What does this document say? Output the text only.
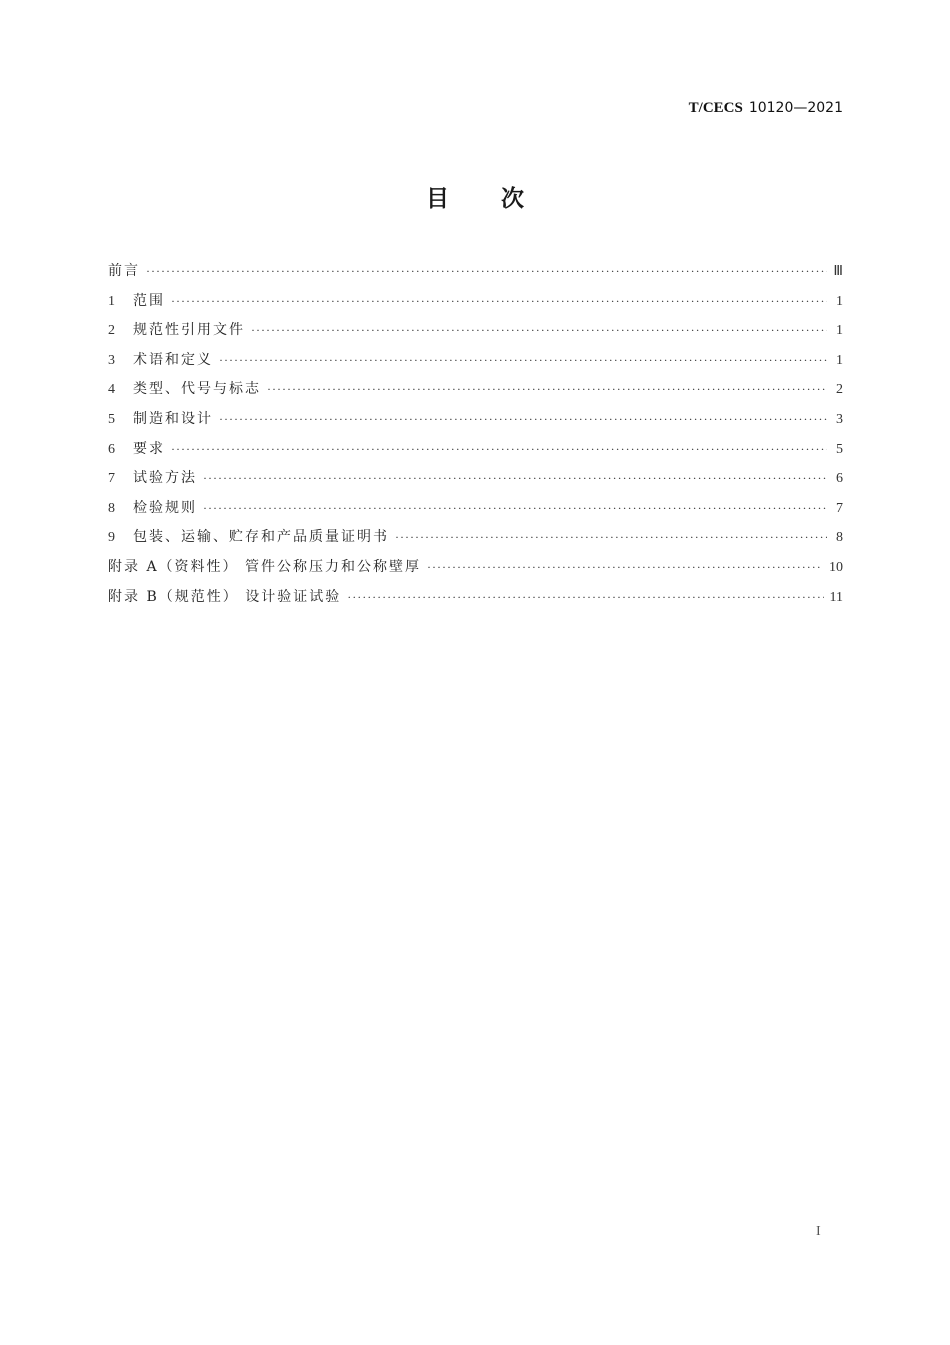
T/CECS 10120—2021
目 次
前言 ·····	Ⅲ
1	范围 ·····	1
2	规范性引用文件 ·····	1
3	术语和定义 ·····	1
4	类型、代号与标志 ·····	2
5	制造和设计 ·····	3
6	要求 ·····	5
7	试验方法 ·····	6
8	检验规则 ·····	7
9	包装、运输、贮存和产品质量证明书 ·····	8
附录 A（资料性） 管件公称压力和公称壁厚 ·····	10
附录 B（规范性） 设计验证试验 ·····	11
I
